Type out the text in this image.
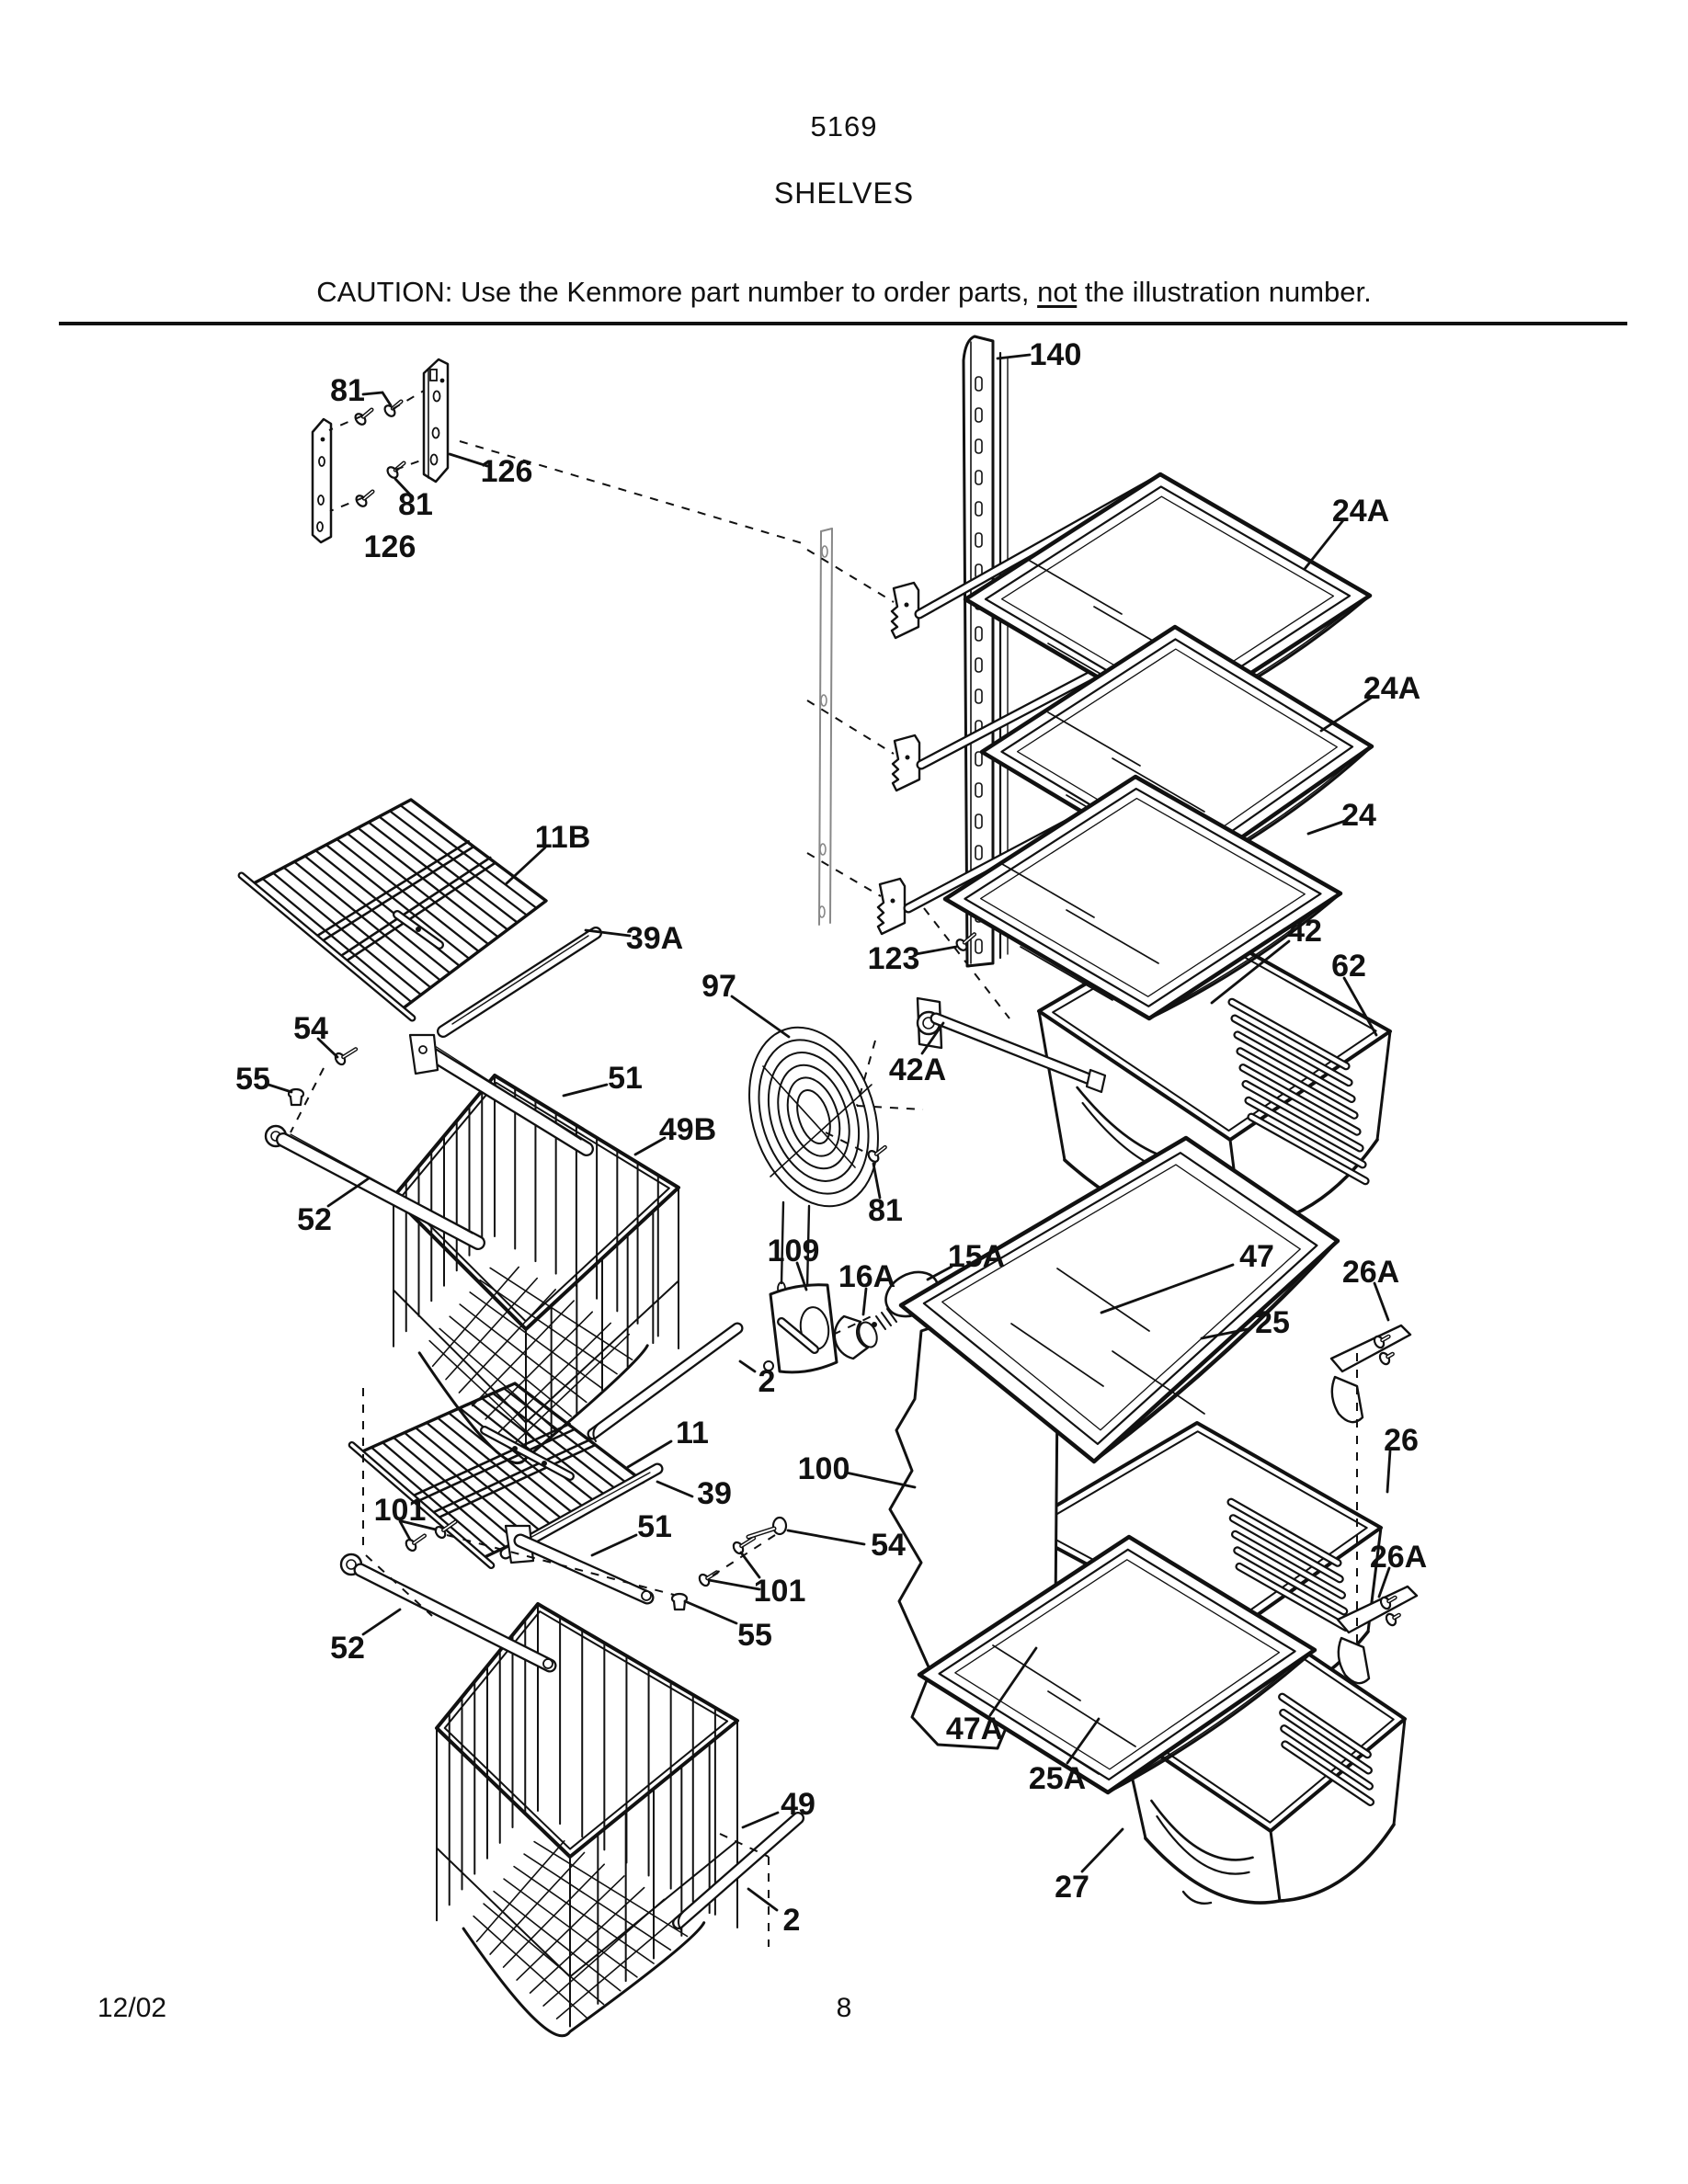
5169
SHELVES
CAUTION: Use the Kenmore part number to order parts, not the illustration number.
140
81
126
81
126
24A
24A
24
11B
39A
123
42
62
97
54
55	51
49B
42A
52	81
109
16A
15A	47
25
26A
2
26
100
11
39
101	51
54
101
55
52
26A
49
47A
25A
27
2
12/02	8
